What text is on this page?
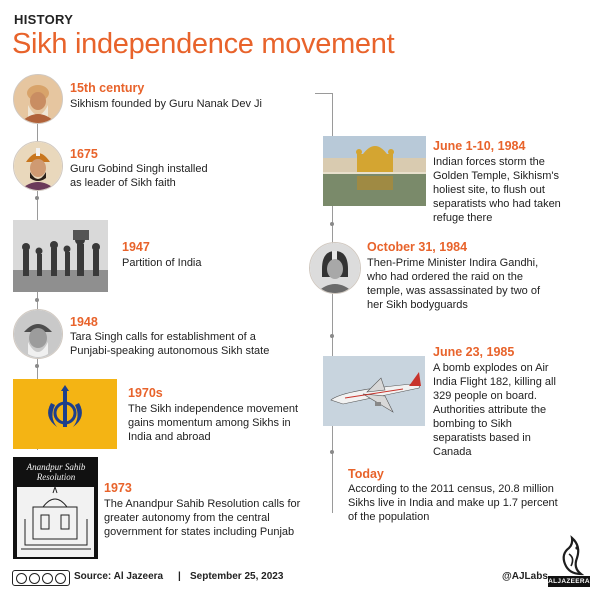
HISTORY
Sikh independence movement
15th century
Sikhism founded by Guru Nanak Dev Ji
1675
Guru Gobind Singh installed as leader of Sikh faith
1947
Partition of India
1948
Tara Singh calls for establishment of a Punjabi-speaking autonomous Sikh state
1970s
The Sikh independence movement gains momentum among Sikhs in India and abroad
Anandpur Sahib Resolution
1973
The Anandpur Sahib Resolution calls for greater autonomy from the central government for states including Punjab
June 1-10, 1984
Indian forces storm the Golden Temple, Sikhism's holiest site, to flush out separatists who had taken refuge there
October 31, 1984
Then-Prime Minister Indira Gandhi, who had ordered the raid on the temple, was assassinated by two of her Sikh bodyguards
June 23, 1985
A bomb explodes on Air India Flight 182, killing all 329 people on board. Authorities attribute the bombing to Sikh separatists based in Canada
Today
According to the 2011 census, 20.8 million Sikhs live in India and make up 1.7 percent of the population
ALJAZEERA
Source: Al Jazeera | September 25, 2023	@AJLabs
